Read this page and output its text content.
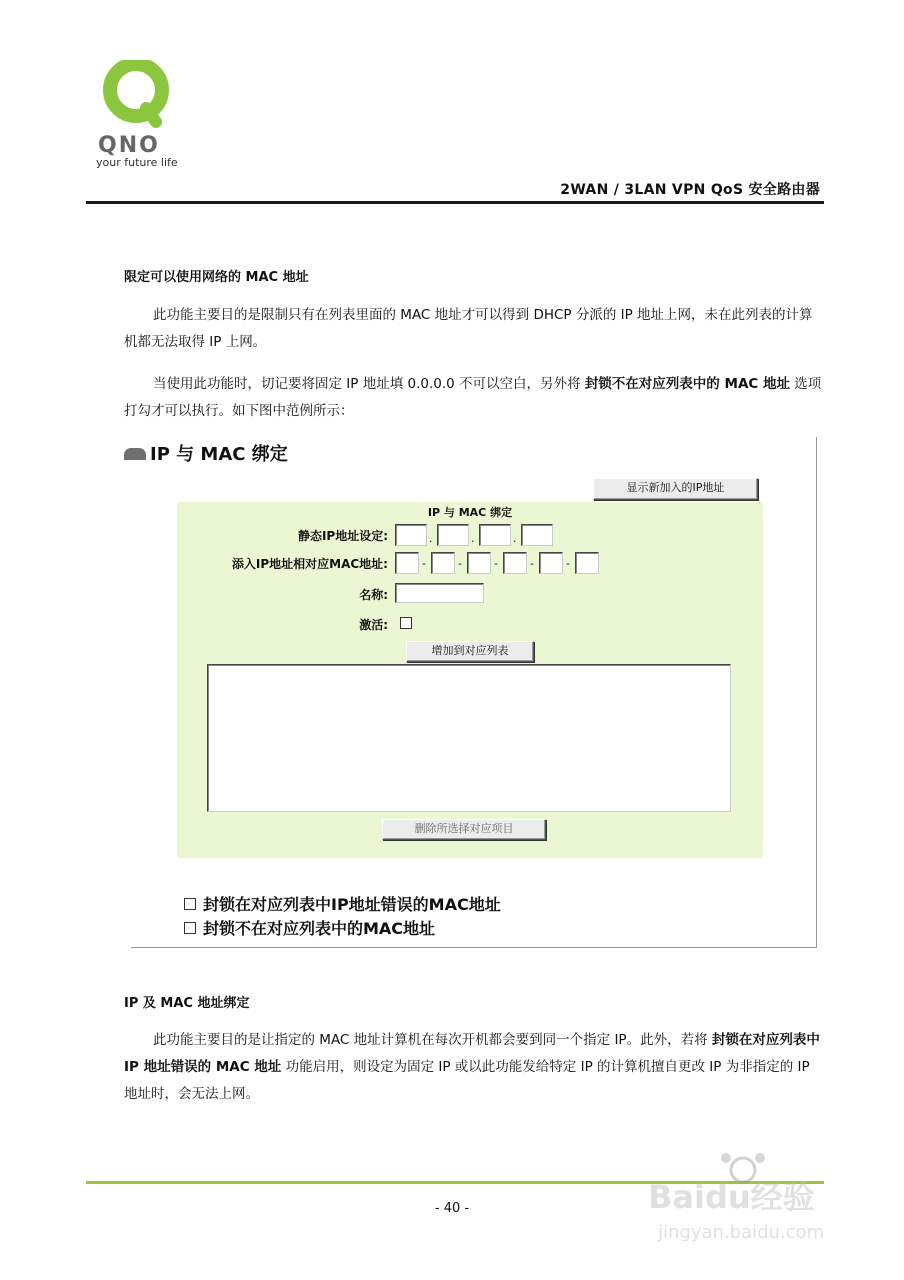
QNO
your future life
2WAN / 3LAN VPN QoS 安全路由器
限定可以使用网络的 MAC 地址
此功能主要目的是限制只有在列表里面的 MAC 地址才可以得到 DHCP 分派的 IP 地址上网，未在此列表的计算机都无法取得 IP 上网。
当使用此功能时，切记要将固定 IP 地址填 0.0.0.0 不可以空白，另外将 封锁不在对应列表中的 MAC 地址 选项打勾才可以执行。如下图中范例所示：
IP 与 MAC 绑定
显示新加入的IP地址
IP 与 MAC 绑定
静态IP地址设定:	.	.	.
添入IP地址相对应MAC地址:	-	-	-	-	-
名称:
激活:
增加到对应列表
删除所选择对应项目
封锁在对应列表中IP地址错误的MAC地址
封锁不在对应列表中的MAC地址
IP 及 MAC 地址绑定
此功能主要目的是让指定的 MAC 地址计算机在每次开机都会要到同一个指定 IP。此外，若将 封锁在对应列表中 IP 地址错误的 MAC 地址 功能启用，则设定为固定 IP 或以此功能发给特定 IP 的计算机擅自更改 IP 为非指定的 IP 地址时，会无法上网。
- 40 -	Baidu经验
jingyan.baidu.com
